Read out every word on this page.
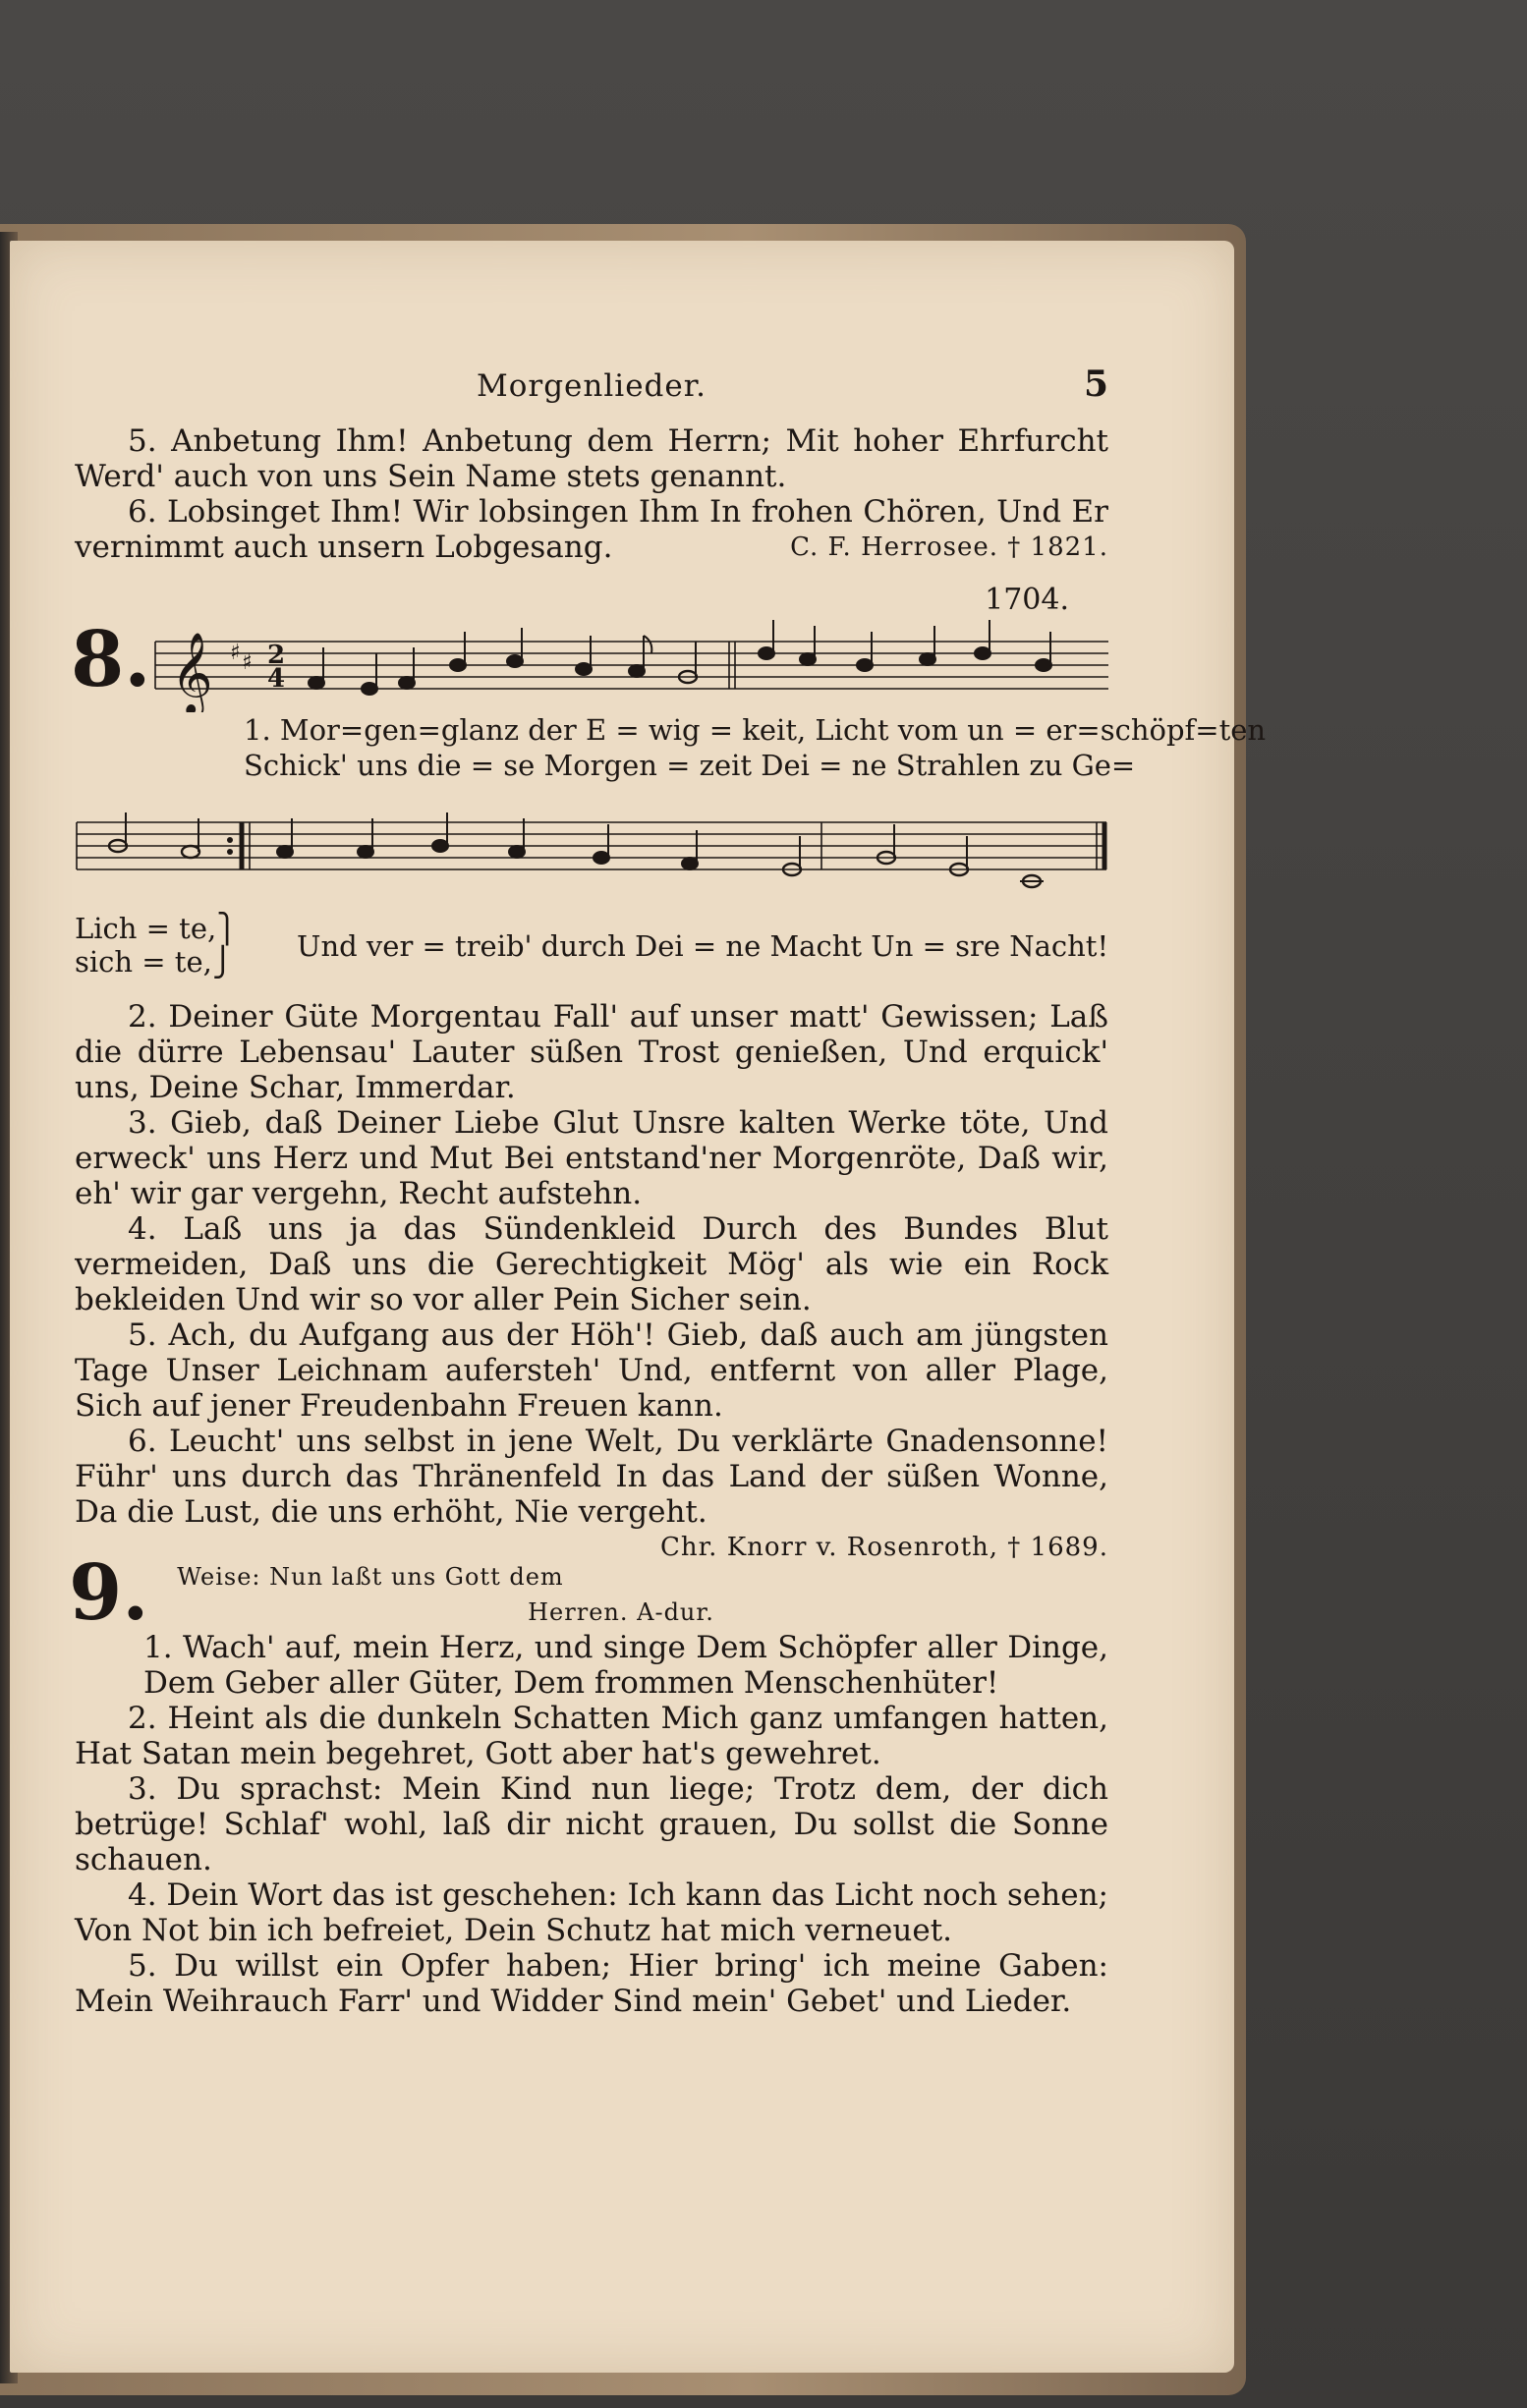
Morgenlieder.	5

5. Anbetung Ihm! Anbetung dem Herrn; Mit hoher Ehrfurcht Werd' auch von uns Sein Name stets genannt.

6. Lobsinget Ihm! Wir lobsingen Ihm In frohen Chören, Und Er vernimmt auch unsern Lobgesang.	C. F. Herrosee. † 1821.

1704.
8. 𝄞 ♯ ♯ 2
4
1. Mor=gen=glanz der E = wig = keit, Licht vom un = er=schöpf=ten
Schick' uns die = se Morgen = zeit Dei = ne Strahlen zu Ge=
Lich = te,⎫
sich = te,⎭ Und ver = treib' durch Dei = ne Macht Un = sre Nacht!

2. Deiner Güte Morgentau Fall' auf unser matt' Gewissen; Laß die dürre Lebensau' Lauter süßen Trost genießen, Und erquick' uns, Deine Schar, Immerdar.

3. Gieb, daß Deiner Liebe Glut Unsre kalten Werke töte, Und erweck' uns Herz und Mut Bei entstand'ner Morgenröte, Daß wir, eh' wir gar vergehn, Recht aufstehn.

4. Laß uns ja das Sündenkleid Durch des Bundes Blut vermeiden, Daß uns die Gerechtigkeit Mög' als wie ein Rock bekleiden Und wir so vor aller Pein Sicher sein.

5. Ach, du Aufgang aus der Höh'! Gieb, daß auch am jüngsten Tage Unser Leichnam aufersteh' Und, entfernt von aller Plage, Sich auf jener Freudenbahn Freuen kann.

6. Leucht' uns selbst in jene Welt, Du verklärte Gnadensonne! Führ' uns durch das Thränenfeld In das Land der süßen Wonne, Da die Lust, die uns erhöht, Nie vergeht.
Chr. Knorr v. Rosenroth, † 1689.

9.	Weise: Nun laßt uns Gott dem Herren. A-dur.

1. Wach' auf, mein Herz, und singe Dem Schöpfer aller Dinge, Dem Geber aller Güter, Dem frommen Menschenhüter!

2. Heint als die dunkeln Schatten Mich ganz umfangen hatten, Hat Satan mein begehret, Gott aber hat's gewehret.

3. Du sprachst: Mein Kind nun liege; Trotz dem, der dich betrüge! Schlaf' wohl, laß dir nicht grauen, Du sollst die Sonne schauen.

4. Dein Wort das ist geschehen: Ich kann das Licht noch sehen; Von Not bin ich befreiet, Dein Schutz hat mich verneuet.

5. Du willst ein Opfer haben; Hier bring' ich meine Gaben: Mein Weihrauch Farr' und Widder Sind mein' Gebet' und Lieder.
